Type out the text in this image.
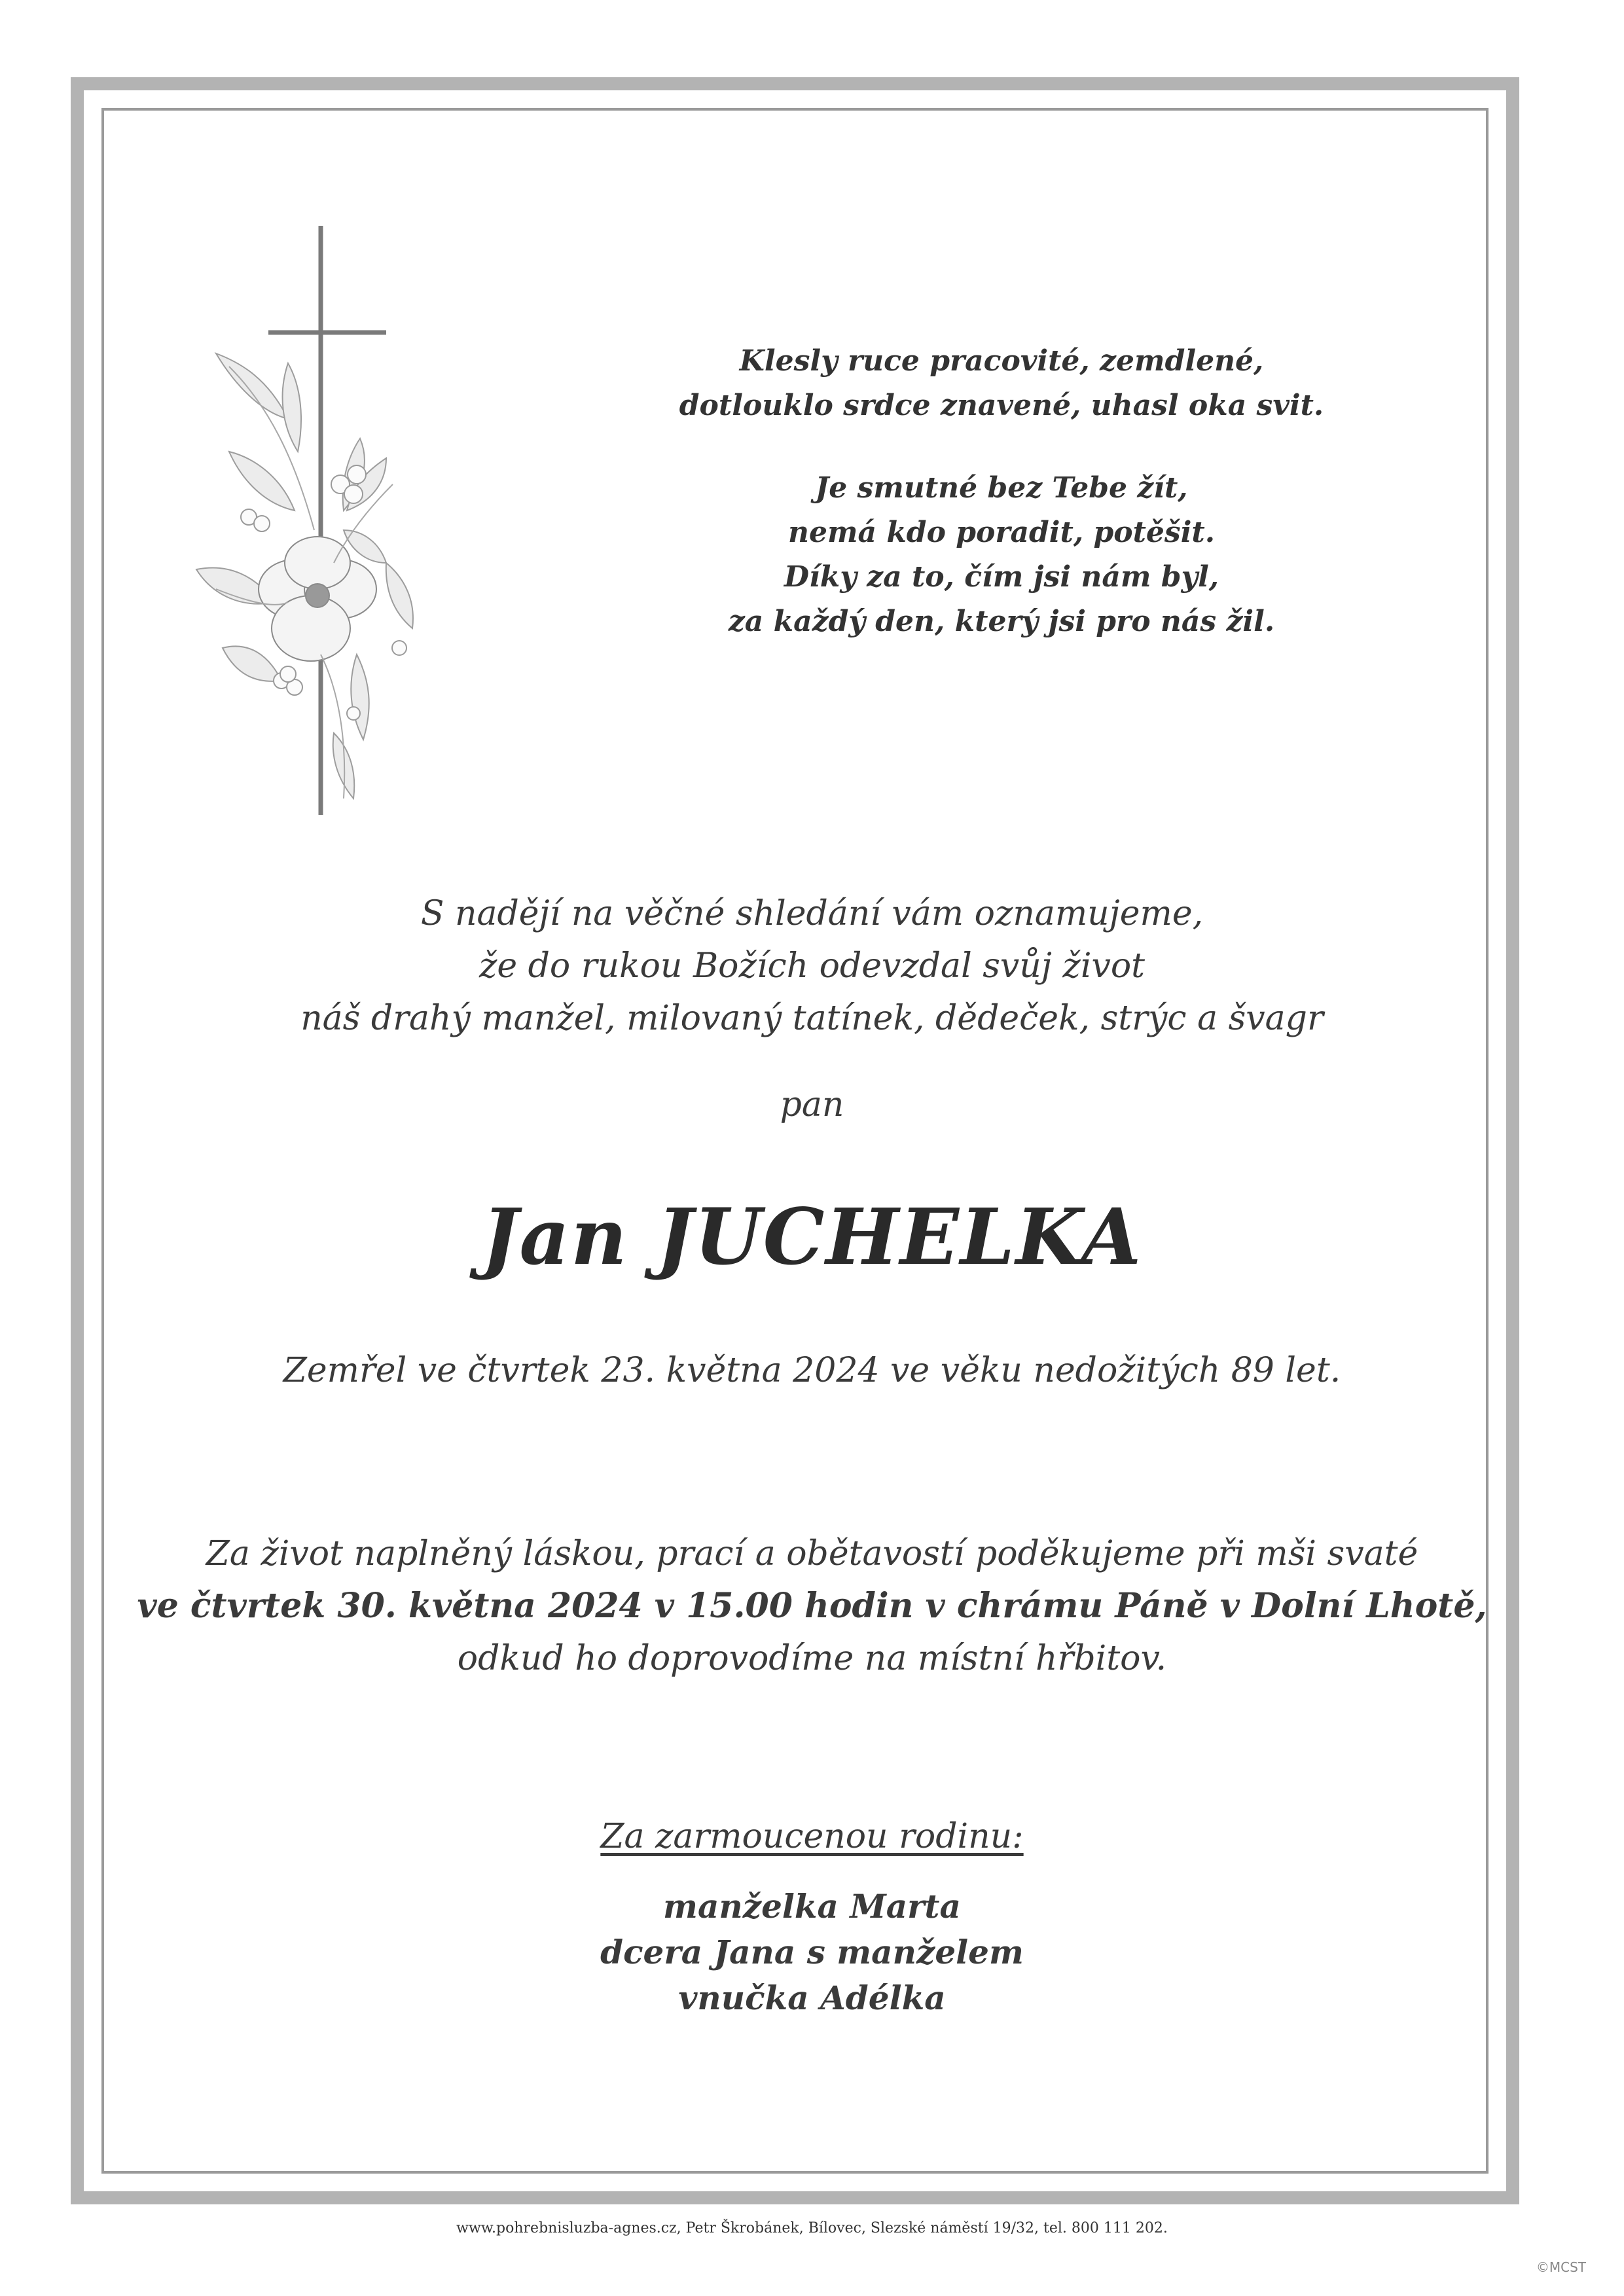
Klesly ruce pracovité, zemdlené,
dotlouklo srdce znavené, uhasl oka svit.
Je smutné bez Tebe žít,
nemá kdo poradit, potěšit.
Díky za to, čím jsi nám byl,
za každý den, který jsi pro nás žil.
S nadějí na věčné shledání vám oznamujeme,
že do rukou Božích odevzdal svůj život
náš drahý manžel, milovaný tatínek, dědeček, strýc a švagr
pan
Jan JUCHELKA
Zemřel ve čtvrtek 23. května 2024 ve věku nedožitých 89 let.
Za život naplněný láskou, prací a obětavostí poděkujeme při mši svaté
ve čtvrtek 30. května 2024 v 15.00 hodin v chrámu Páně v Dolní Lhotě,
odkud ho doprovodíme na místní hřbitov.
Za zarmoucenou rodinu:
manželka Marta
dcera Jana s manželem
vnučka Adélka
www.pohrebnisluzba-agnes.cz, Petr Škrobánek, Bílovec, Slezské náměstí 19/32, tel. 800 111 202.
©MCST
